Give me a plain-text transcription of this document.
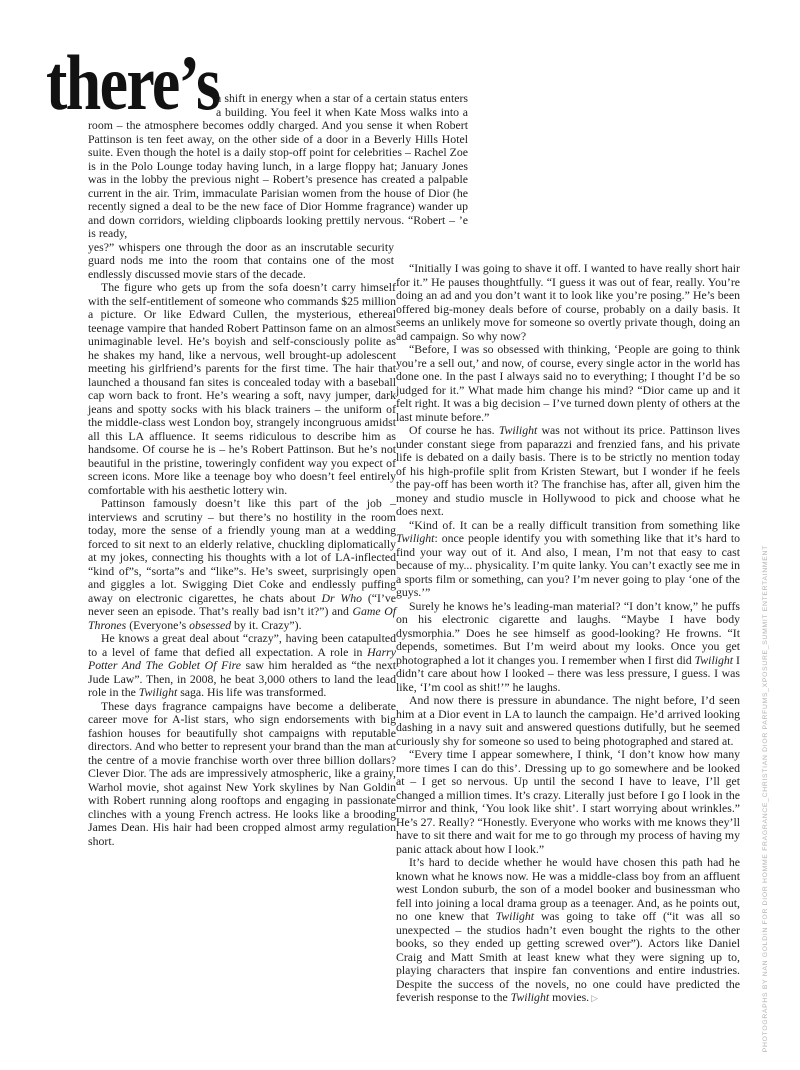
there’s
a shift in energy when a star of a certain status enters a building. You feel it when Kate Moss walks into a room – the atmosphere becomes oddly charged. And you sense it when Robert Pattinson is ten feet away, on the other side of a door in a Beverly Hills Hotel suite. Even though the hotel is a daily stop-off point for celebrities – Rachel Zoe is in the Polo Lounge today having lunch, in a large floppy hat; January Jones was in the lobby the previous night – Robert’s presence has created a palpable current in the air. Trim, immaculate Parisian women from the house of Dior (he recently signed a deal to be the new face of Dior Homme fragrance) wander up and down corridors, wielding clipboards looking prettily nervous. “Robert – ’e is ready,
yes?” whispers one through the door as an inscrutable security guard nods me into the room that contains one of the most endlessly discussed movie stars of the decade.

The figure who gets up from the sofa doesn’t carry himself with the self-entitlement of someone who commands $25 million a picture. Or like Edward Cullen, the mysterious, ethereal teenage vampire that handed Robert Pattinson fame on an almost unimaginable level. He’s boyish and self-consciously polite as he shakes my hand, like a nervous, well brought-up adolescent meeting his girlfriend’s parents for the first time. The hair that launched a thousand fan sites is concealed today with a baseball cap worn back to front. He’s wearing a soft, navy jumper, dark jeans and spotty socks with his black trainers – the uniform of the middle-class west London boy, strangely incongruous amidst all this LA affluence. It seems ridiculous to describe him as handsome. Of course he is – he’s Robert Pattinson. But he’s not beautiful in the pristine, toweringly confident way you expect of screen icons. More like a teenage boy who doesn’t feel entirely comfortable with his aesthetic lottery win.

Pattinson famously doesn’t like this part of the job – interviews and scrutiny – but there’s no hostility in the room today, more the sense of a friendly young man at a wedding forced to sit next to an elderly relative, chuckling diplomatically at my jokes, connecting his thoughts with a lot of LA-inflected “kind of”s, “sorta”s and “like”s. He’s sweet, surprisingly open and giggles a lot. Swigging Diet Coke and endlessly puffing away on electronic cigarettes, he chats about Dr Who (“I’ve never seen an episode. That’s really bad isn’t it?”) and Game Of Thrones (Everyone’s obsessed by it. Crazy”).

He knows a great deal about “crazy”, having been catapulted to a level of fame that defied all expectation. A role in Harry Potter And The Goblet Of Fire saw him heralded as “the next Jude Law”. Then, in 2008, he beat 3,000 others to land the lead role in the Twilight saga. His life was transformed.

These days fragrance campaigns have become a deliberate career move for A-list stars, who sign endorsements with big fashion houses for beautifully shot campaigns with reputable directors. And who better to represent your brand than the man at the centre of a movie franchise worth over three billion dollars? Clever Dior. The ads are impressively atmospheric, like a grainy, Warhol movie, shot against New York skylines by Nan Goldin with Robert running along rooftops and engaging in passionate clinches with a young French actress. He looks like a brooding James Dean. His hair had been cropped almost army regulation short.

“Initially I was going to shave it off. I wanted to have really short hair for it.” He pauses thoughtfully. “I guess it was out of fear, really. You’re doing an ad and you don’t want it to look like you’re posing.” He’s been offered big-money deals before of course, probably on a daily basis. It seems an unlikely move for someone so overtly private though, doing an ad campaign. So why now?

“Before, I was so obsessed with thinking, ‘People are going to think you’re a sell out,’ and now, of course, every single actor in the world has done one. In the past I always said no to everything; I thought I’d be so judged for it.” What made him change his mind? “Dior came up and it felt right. It was a big decision – I’ve turned down plenty of others at the last minute before.”

Of course he has. Twilight was not without its price. Pattinson lives under constant siege from paparazzi and frenzied fans, and his private life is debated on a daily basis. There is to be strictly no mention today of his high-profile split from Kristen Stewart, but I wonder if he feels the pay-off has been worth it? The franchise has, after all, given him the money and studio muscle in Hollywood to pick and choose what he does next.

“Kind of. It can be a really difficult transition from something like Twilight: once people identify you with something like that it’s hard to find your way out of it. And also, I mean, I’m not that easy to cast because of my... physicality. I’m quite lanky. You can’t exactly see me in a sports film or something, can you? I’m never going to play ‘one of the guys.’”

Surely he knows he’s leading-man material? “I don’t know,” he puffs on his electronic cigarette and laughs. “Maybe I have body dysmorphia.” Does he see himself as good-looking? He frowns. “It depends, sometimes. But I’m weird about my looks. Once you get photographed a lot it changes you. I remember when I first did Twilight I didn’t care about how I looked – there was less pressure, I guess. I was like, ‘I’m cool as shit!’” he laughs.

And now there is pressure in abundance. The night before, I’d seen him at a Dior event in LA to launch the campaign. He’d arrived looking dashing in a navy suit and answered questions dutifully, but he seemed curiously shy for someone so used to being photographed and stared at.

“Every time I appear somewhere, I think, ‘I don’t know how many more times I can do this’. Dressing up to go somewhere and be looked at – I get so nervous. Up until the second I have to leave, I’ll get changed a million times. It’s crazy. Literally just before I go I look in the mirror and think, ‘You look like shit’. I start worrying about wrinkles.” He’s 27. Really? “Honestly. Everyone who works with me knows they’ll have to sit there and wait for me to go through my process of having my panic attack about how I look.”

It’s hard to decide whether he would have chosen this path had he known what he knows now. He was a middle-class boy from an affluent west London suburb, the son of a model booker and businessman who fell into joining a local drama group as a teenager. And, as he points out, no one knew that Twilight was going to take off (“it was all so unexpected – the studios hadn’t even bought the rights to the other books, so they ended up getting screwed over”). Actors like Daniel Craig and Matt Smith at least knew what they were signing up to, playing characters that inspire fan conventions and entire industries. Despite the success of the novels, no one could have predicted the feverish response to the Twilight movies. ▷	PHOTOGRAPHS BY NAN GOLDIN FOR DIOR HOMME FRAGRANCE_CHRISTIAN DIOR PARFUMS_XPOSURE_SUMMIT ENTERTAINMENT
